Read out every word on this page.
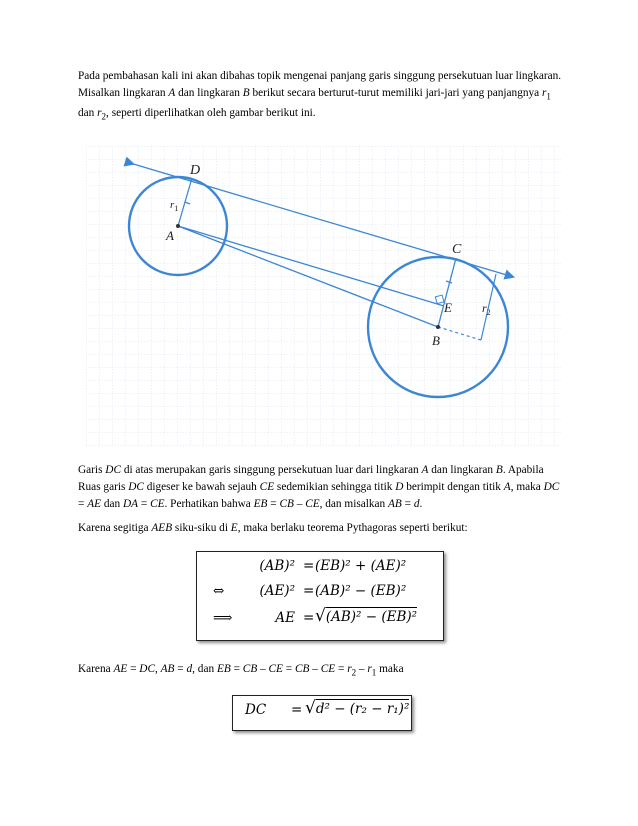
Pada pembahasan kali ini akan dibahas topik mengenai panjang garis singgung persekutuan luar lingkaran. Misalkan lingkaran A dan lingkaran B berikut secara berturut-turut memiliki jari-jari yang panjangnya $r_1$ dan $r_2$, seperti diperlihatkan oleh gambar berikut ini.

D
C
A
E
B
$r_1$
$r_2$

Garis DC di atas merupakan garis singgung persekutuan luar dari lingkaran A dan lingkaran B. Apabila Ruas garis DC digeser ke bawah sejauh CE sedemikian sehingga titik D berimpit dengan titik A, maka DC = AE dan DA = CE. Perhatikan bahwa EB = CB – CE, dan misalkan AB = d.

Karena segitiga AEB siku-siku di E, maka berlaku teorema Pythagoras seperti berikut:

(AB)² = (EB)² + (AE)²
⇔	(AE)² = (AB)² − (EB)²
⟹	AE = √(AB)² − (EB)²

Karena AE = DC, AB = d, dan EB = CB – CE = CB – CE = $r_2 - r_1$ maka

DC = √d² − (r₂ − r₁)²
